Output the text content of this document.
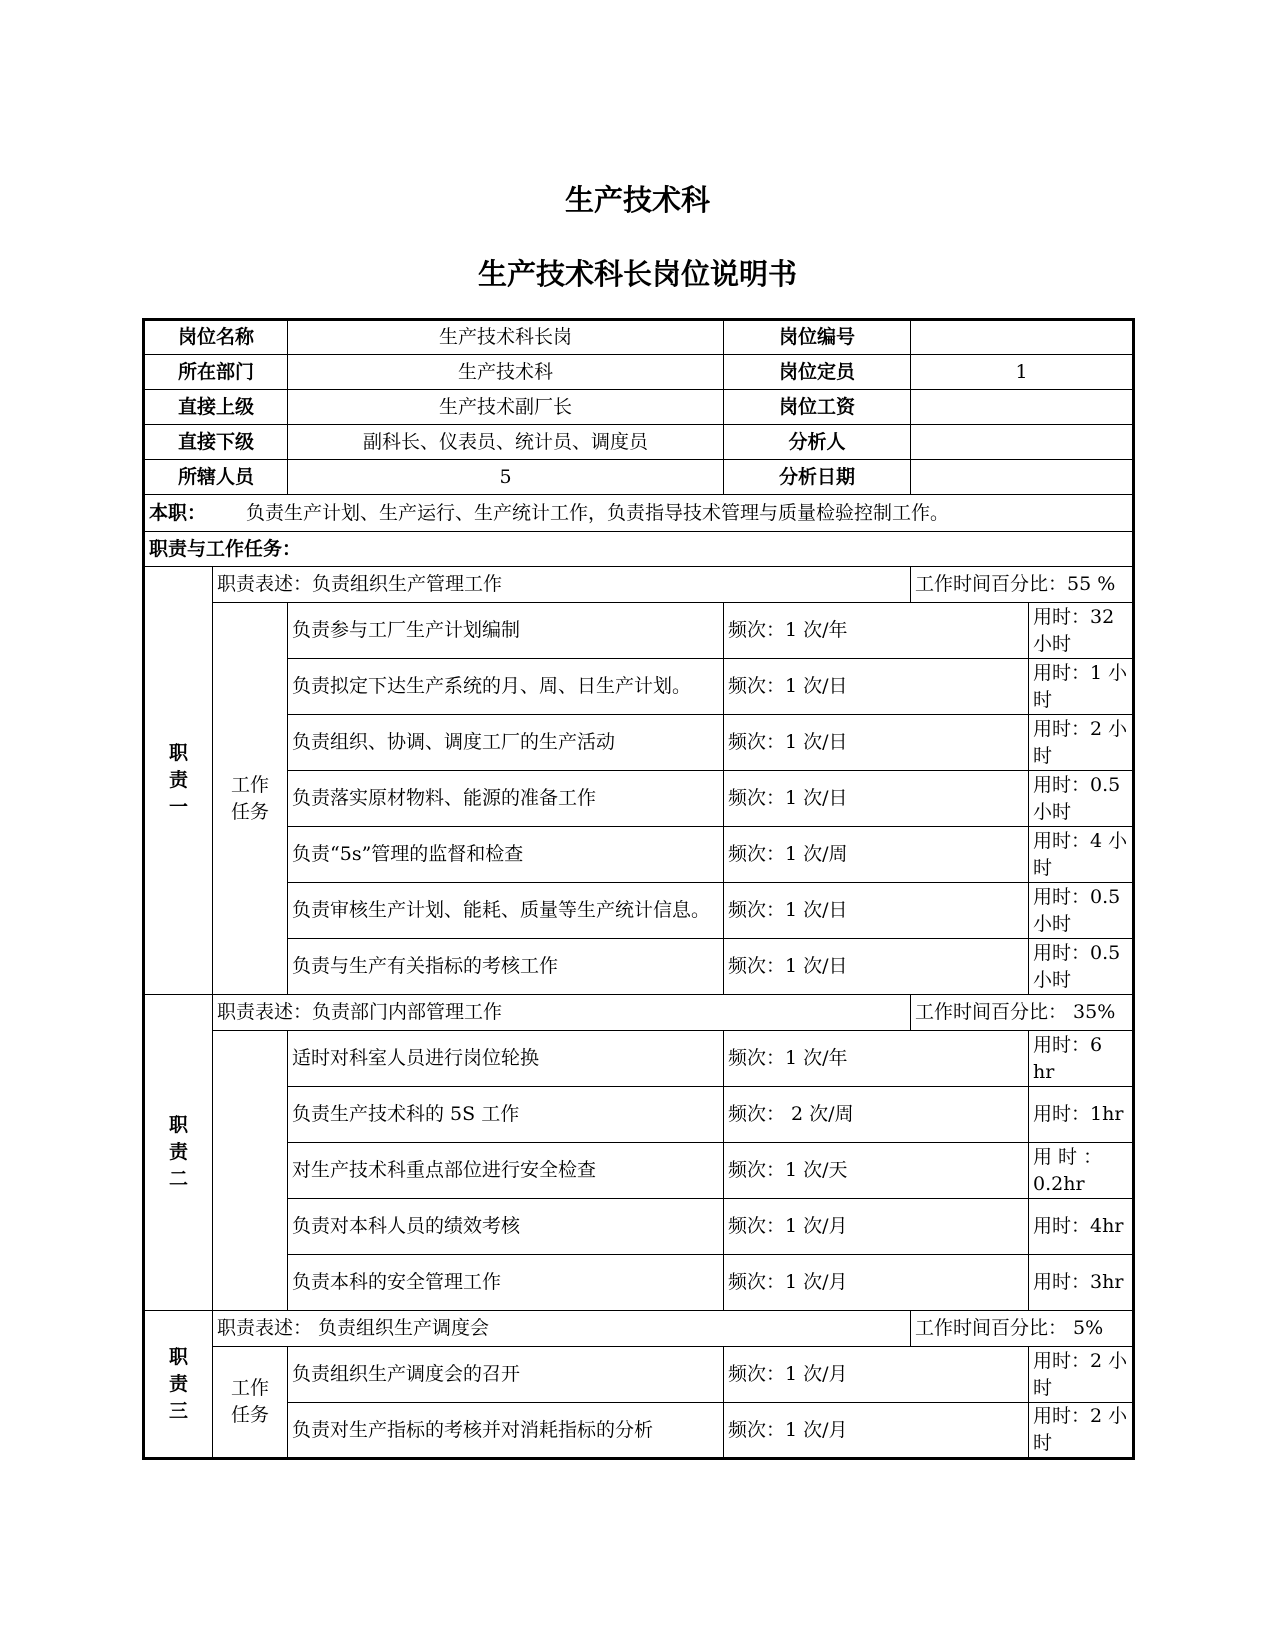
生产技术科
生产技术科长岗位说明书
岗位名称		生产技术科长岗	岗位编号		
所在部门		生产技术科	岗位定员	1	
直接上级		生产技术副厂长	岗位工资		
直接下级		副科长、仪表员、统计员、调度员	分析人		
所辖人员		5	分析日期		
本职： 负责生产计划、生产运行、生产统计工作，负责指导技术管理与质量检验控制工作。					
职责与工作任务：					

职
责
一	职责表述：负责组织生产管理工作			工作时间百分比：55 %	

	工作
任务	负责参与工厂生产计划编制	频次：1 次/年		用时：32 小时
		负责拟定下达生产系统的月、周、日生产计划。	频次：1 次/日		用时：1 小时
		负责组织、协调、调度工厂的生产活动	频次：1 次/日		用时：2 小时
		负责落实原材物料、能源的准备工作	频次：1 次/日		用时：0.5 小时
		负责“5s”管理的监督和检查	频次：1 次/周		用时：4 小时
		负责审核生产计划、能耗、质量等生产统计信息。	频次：1 次/日		用时：0.5 小时
		负责与生产有关指标的考核工作	频次：1 次/日		用时：0.5 小时

职
责
二	职责表述：负责部门内部管理工作			工作时间百分比： 35%	
		适时对科室人员进行岗位轮换	频次：1 次/年		用时：6 hr
		负责生产技术科的 5S 工作	频次： 2 次/周		用时：1hr
		对生产技术科重点部位进行安全检查	频次：1 次/天		用 时 ：0.2hr
		负责对本科人员的绩效考核	频次：1 次/月		用时：4hr
		负责本科的安全管理工作	频次：1 次/月		用时：3hr

职
责
三	职责表述： 负责组织生产调度会			工作时间百分比： 5%	

	工作
任务	负责组织生产调度会的召开	频次：1 次/月		用时：2 小时
		负责对生产指标的考核并对消耗指标的分析	频次：1 次/月		用时：2 小时
